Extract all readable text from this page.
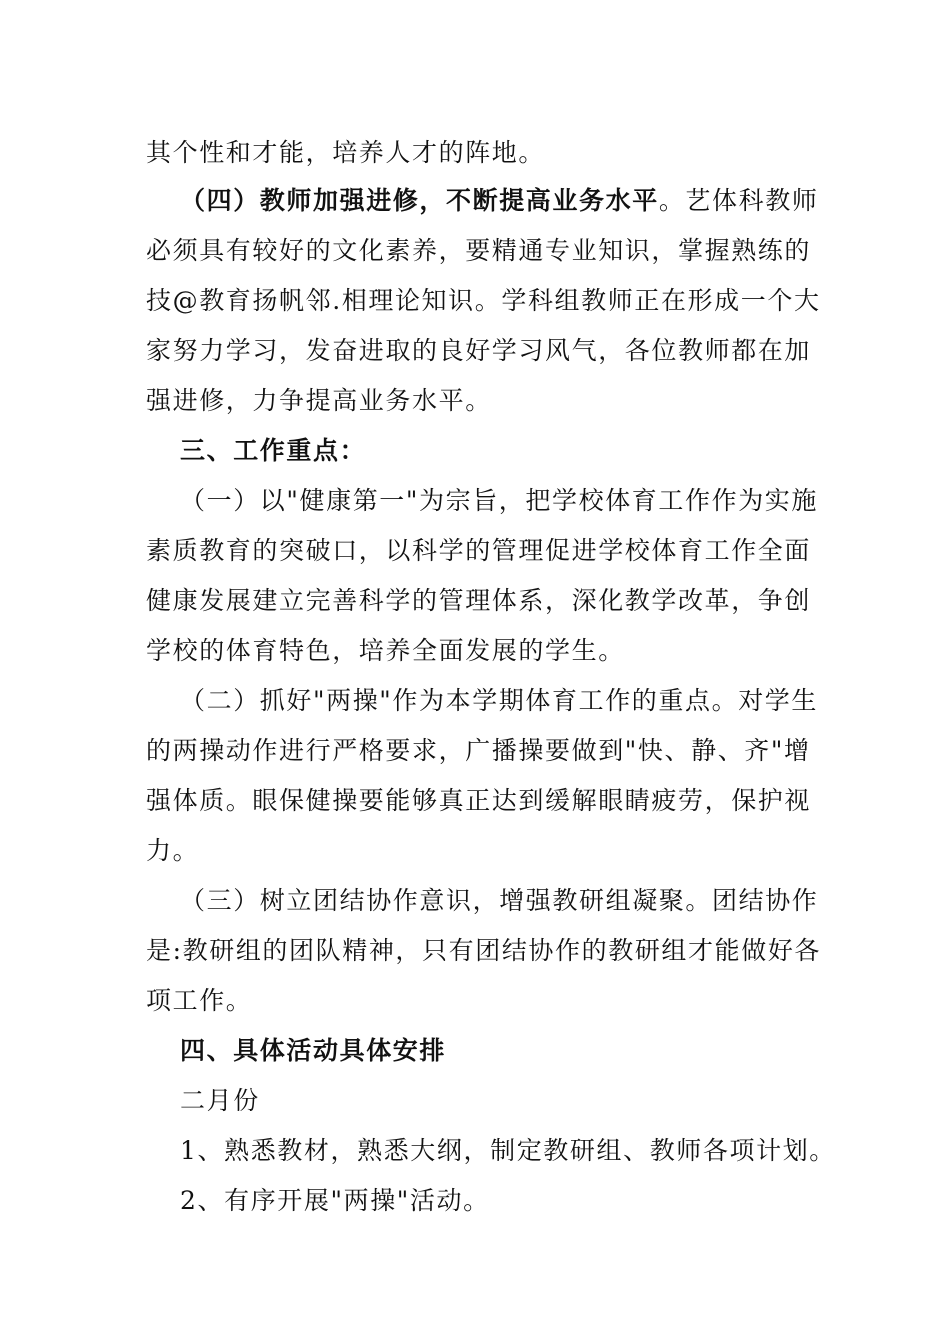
其个性和才能，培养人才的阵地。
（四）教师加强进修，不断提高业务水平。艺体科教师
必须具有较好的文化素养，要精通专业知识，掌握熟练的
技@教育扬帆邻.相理论知识。学科组教师正在形成一个大
家努力学习，发奋进取的良好学习风气，各位教师都在加
强进修，力争提高业务水平。
三、工作重点：
（一）以"健康第一"为宗旨，把学校体育工作作为实施
素质教育的突破口，以科学的管理促进学校体育工作全面
健康发展建立完善科学的管理体系，深化教学改革，争创
学校的体育特色，培养全面发展的学生。
（二）抓好"两操"作为本学期体育工作的重点。对学生
的两操动作进行严格要求，广播操要做到"快、静、齐"增
强体质。眼保健操要能够真正达到缓解眼睛疲劳，保护视
力。
（三）树立团结协作意识，增强教研组凝聚。团结协作
是:教研组的团队精神，只有团结协作的教研组才能做好各
项工作。
四、具体活动具体安排
二月份
1、熟悉教材，熟悉大纲，制定教研组、教师各项计划。
2、有序开展"两操"活动。
